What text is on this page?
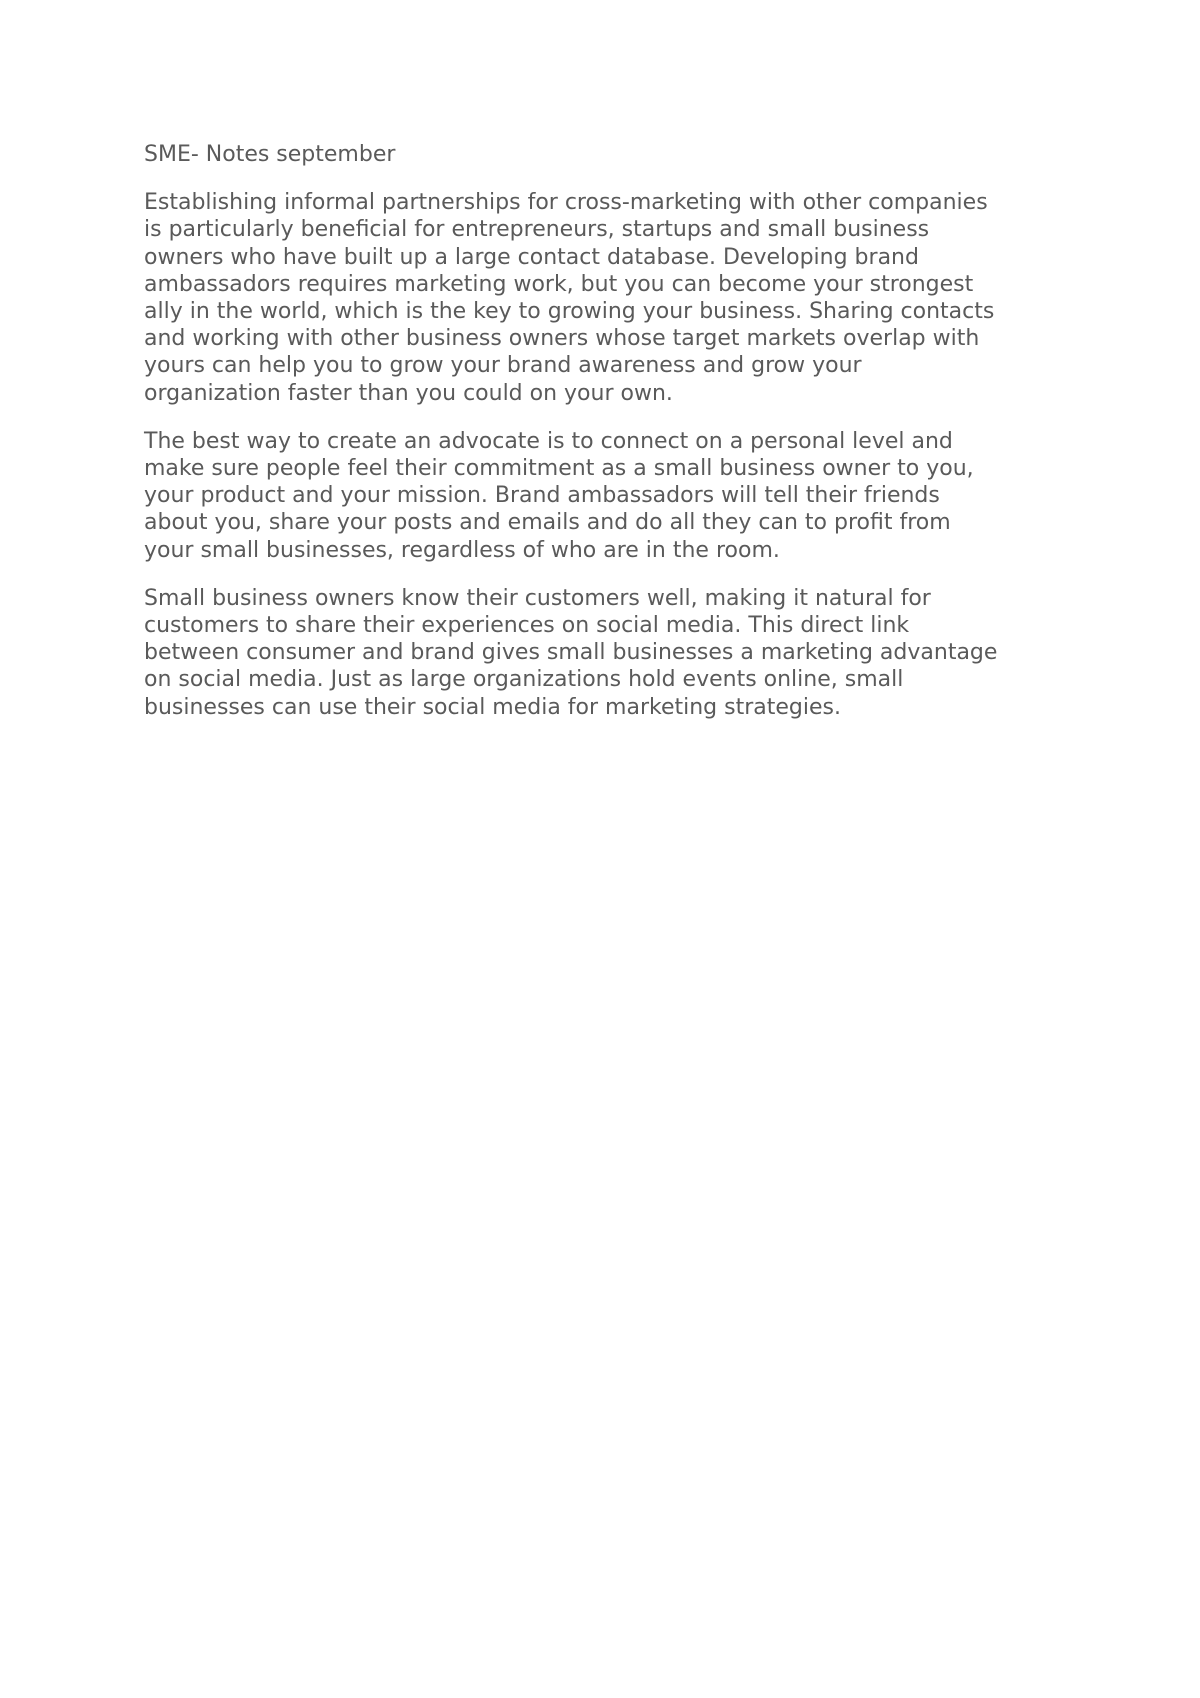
SME- Notes september
Establishing informal partnerships for cross-marketing with other companies
is particularly beneficial for entrepreneurs, startups and small business
owners who have built up a large contact database. Developing brand
ambassadors requires marketing work, but you can become your strongest
ally in the world, which is the key to growing your business. Sharing contacts
and working with other business owners whose target markets overlap with
yours can help you to grow your brand awareness and grow your
organization faster than you could on your own.
The best way to create an advocate is to connect on a personal level and
make sure people feel their commitment as a small business owner to you,
your product and your mission. Brand ambassadors will tell their friends
about you, share your posts and emails and do all they can to profit from
your small businesses, regardless of who are in the room.
Small business owners know their customers well, making it natural for
customers to share their experiences on social media. This direct link
between consumer and brand gives small businesses a marketing advantage
on social media. Just as large organizations hold events online, small
businesses can use their social media for marketing strategies.
